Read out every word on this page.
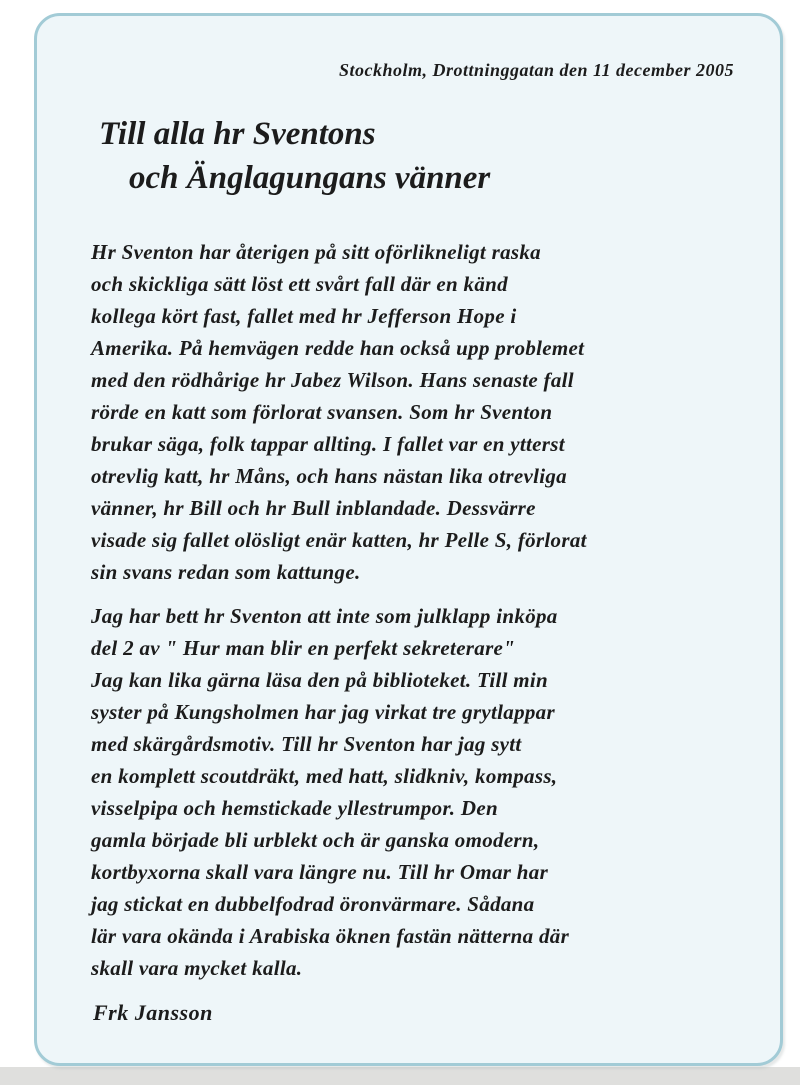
Stockholm, Drottninggatan den 11 december 2005
Till alla hr Sventons
och Änglagungans vänner
Hr Sventon har återigen på sitt oförlikneligt raska
och skickliga sätt löst ett svårt fall där en känd
kollega kört fast, fallet med hr Jefferson Hope i
Amerika. På hemvägen redde han också upp problemet
med den rödhårige hr Jabez Wilson. Hans senaste fall
rörde en katt som förlorat svansen. Som hr Sventon
brukar säga, folk tappar allting. I fallet var en ytterst
otrevlig katt, hr Måns, och hans nästan lika otrevliga
vänner, hr Bill och hr Bull inblandade. Dessvärre
visade sig fallet olösligt enär katten, hr Pelle S, förlorat
sin svans redan som kattunge.
Jag har bett hr Sventon att inte som julklapp inköpa
del 2 av " Hur man blir en perfekt sekreterare"
Jag kan lika gärna läsa den på biblioteket. Till min
syster på Kungsholmen har jag virkat tre grytlappar
med skärgårdsmotiv. Till hr Sventon har jag sytt
en komplett scoutdräkt, med hatt, slidkniv, kompass,
visselpipa och hemstickade yllestrumpor. Den
gamla började bli urblekt och är ganska omodern,
kortbyxorna skall vara längre nu. Till hr Omar har
jag stickat en dubbelfodrad öronvärmare. Sådana
lär vara okända i Arabiska öknen fastän nätterna där
skall vara mycket kalla.
Frk Jansson
